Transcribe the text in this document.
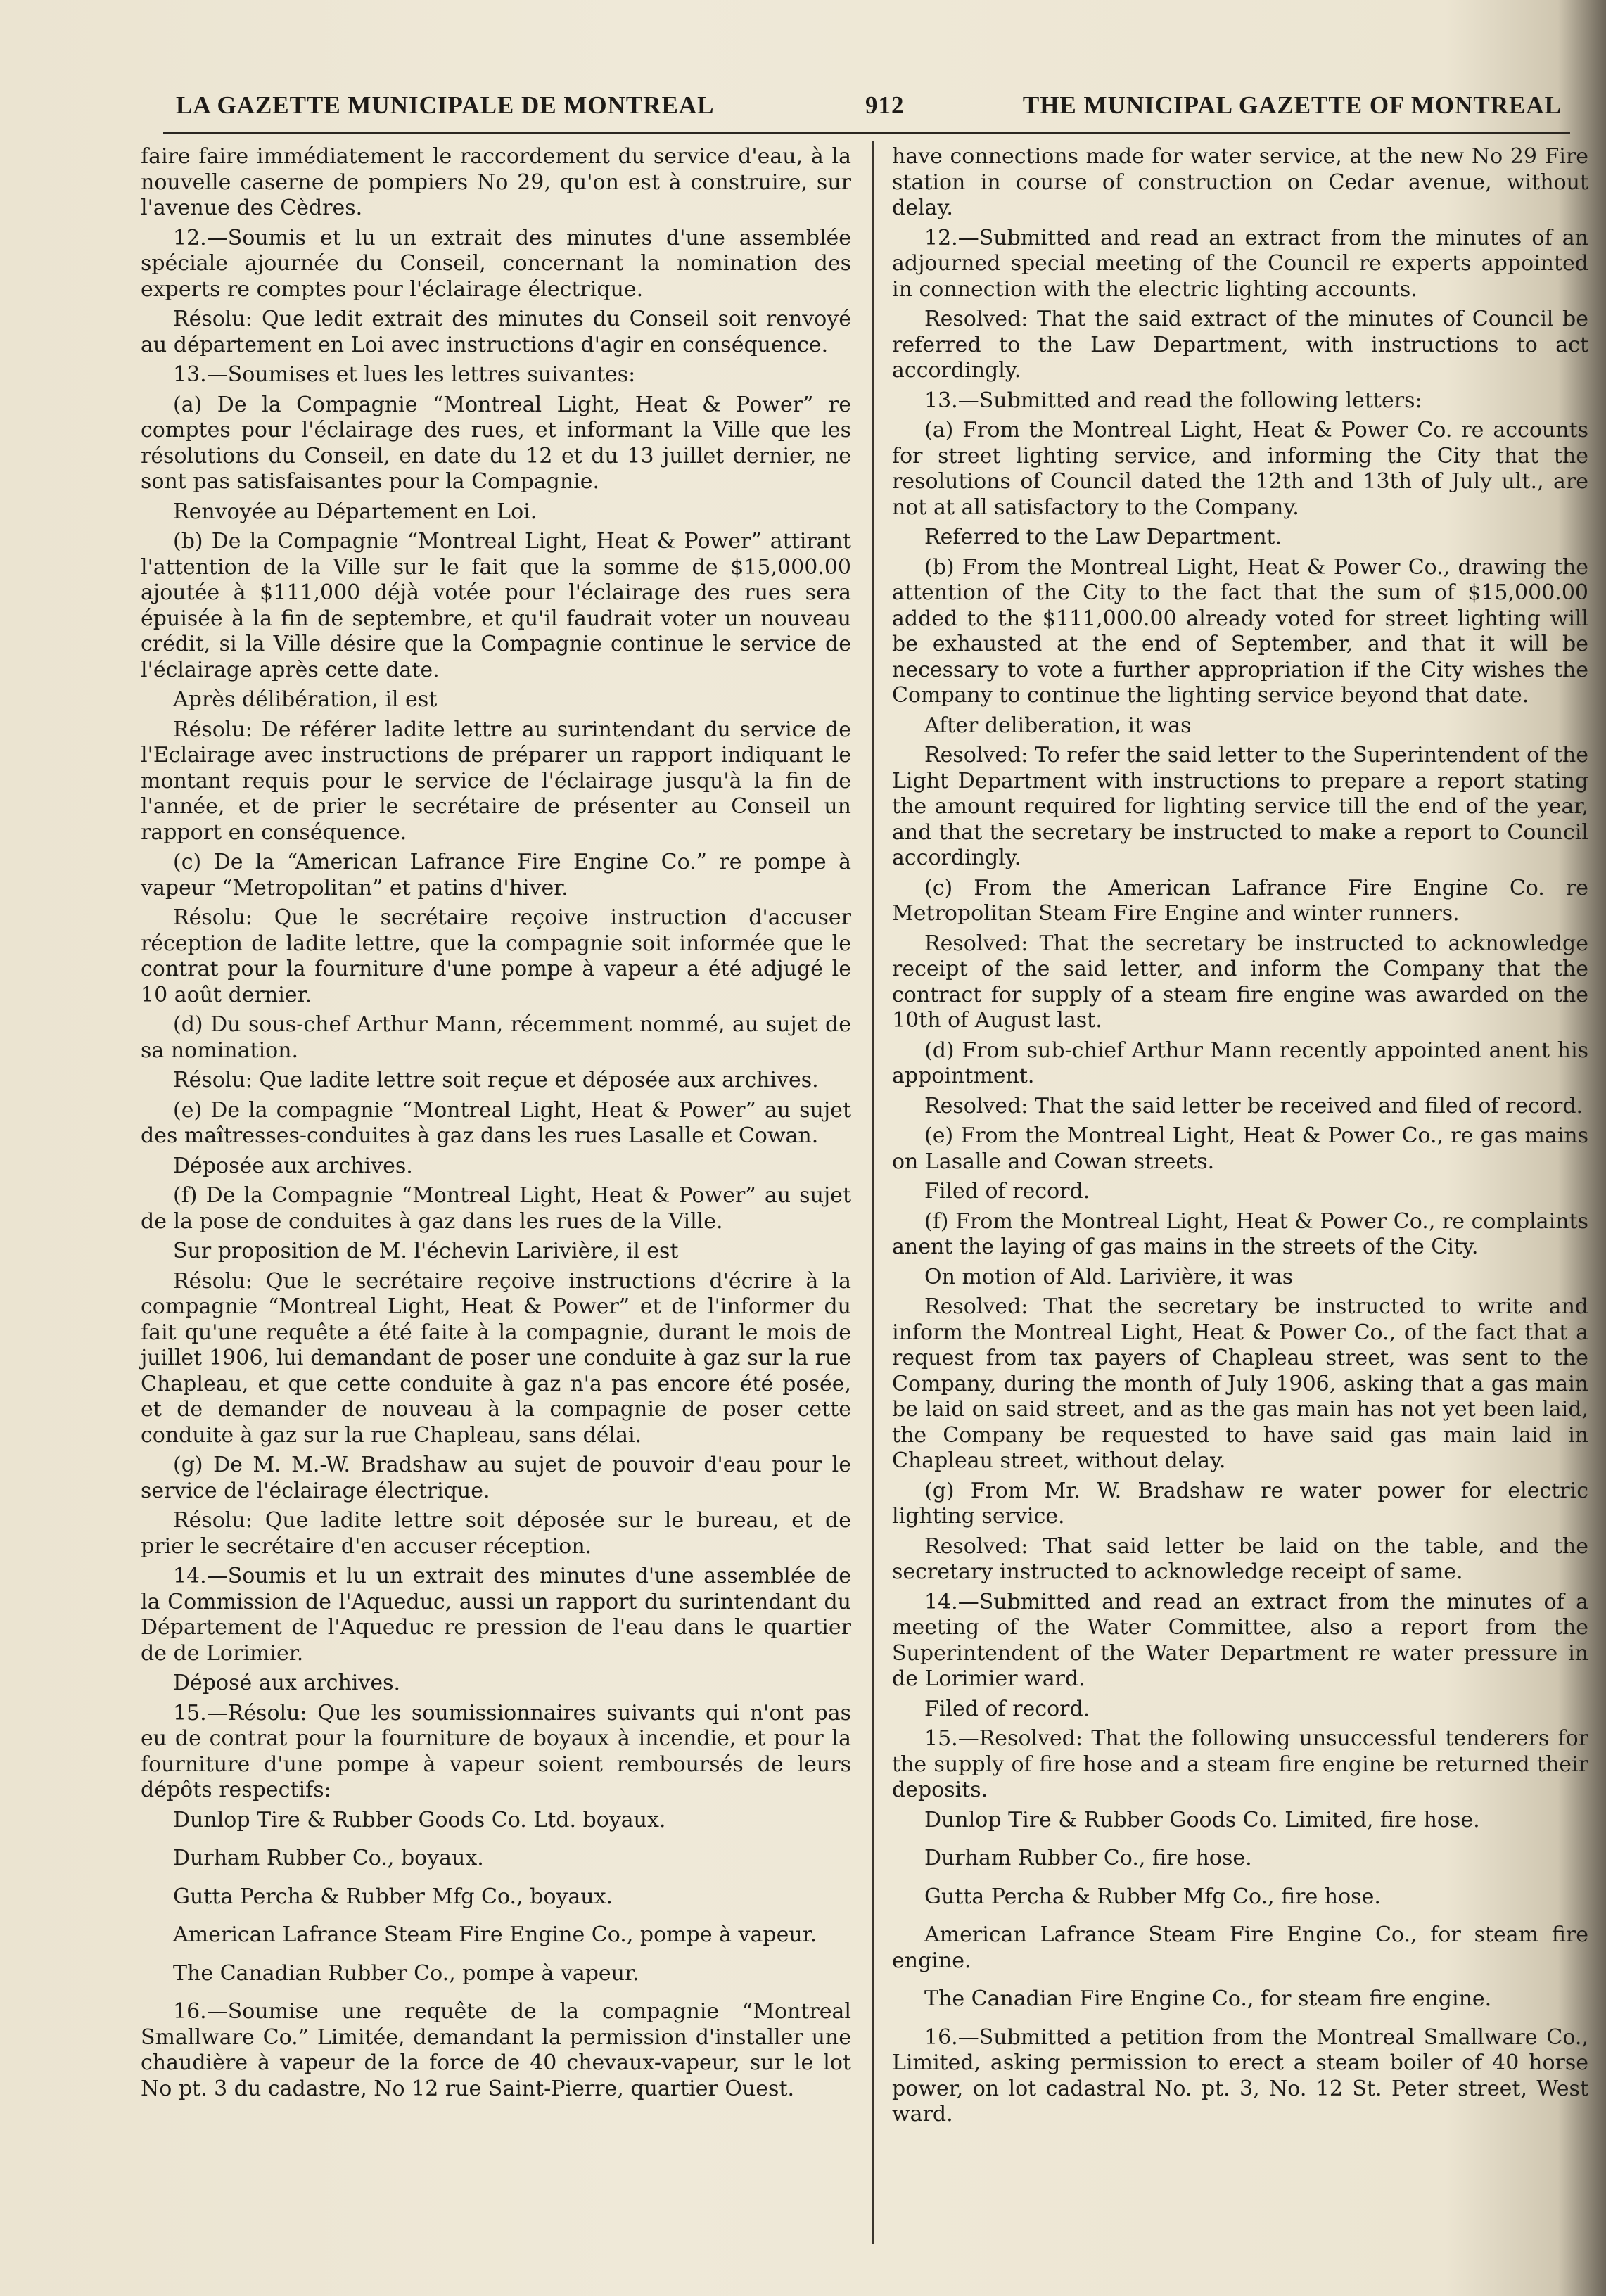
LA GAZETTE MUNICIPALE DE MONTREAL	912	THE MUNICIPAL GAZETTE OF MONTREAL

faire faire immédiatement le raccordement du service d'eau, à la nouvelle caserne de pompiers No 29, qu'on est à construire, sur l'avenue des Cèdres.

12.—Soumis et lu un extrait des minutes d'une assemblée spéciale ajournée du Conseil, concernant la nomination des experts re comptes pour l'éclairage électrique.

Résolu: Que ledit extrait des minutes du Conseil soit renvoyé au département en Loi avec instructions d'agir en conséquence.

13.—Soumises et lues les lettres suivantes:

(a) De la Compagnie “Montreal Light, Heat & Power” re comptes pour l'éclairage des rues, et informant la Ville que les résolutions du Conseil, en date du 12 et du 13 juillet dernier, ne sont pas satisfaisantes pour la Compagnie.

Renvoyée au Département en Loi.

(b) De la Compagnie “Montreal Light, Heat & Power” attirant l'attention de la Ville sur le fait que la somme de $15,000.00 ajoutée à $111,000 déjà votée pour l'éclairage des rues sera épuisée à la fin de septembre, et qu'il faudrait voter un nouveau crédit, si la Ville désire que la Compagnie continue le service de l'éclairage après cette date.

Après délibération, il est

Résolu: De référer ladite lettre au surintendant du service de l'Eclairage avec instructions de préparer un rapport indiquant le montant requis pour le service de l'éclairage jusqu'à la fin de l'année, et de prier le secrétaire de présenter au Conseil un rapport en conséquence.

(c) De la “American Lafrance Fire Engine Co.” re pompe à vapeur “Metropolitan” et patins d'hiver.

Résolu: Que le secrétaire reçoive instruction d'accuser réception de ladite lettre, que la compagnie soit informée que le contrat pour la fourniture d'une pompe à vapeur a été adjugé le 10 août dernier.

(d) Du sous-chef Arthur Mann, récemment nommé, au sujet de sa nomination.

Résolu: Que ladite lettre soit reçue et déposée aux archives.

(e) De la compagnie “Montreal Light, Heat & Power” au sujet des maîtresses-conduites à gaz dans les rues Lasalle et Cowan.

Déposée aux archives.

(f) De la Compagnie “Montreal Light, Heat & Power” au sujet de la pose de conduites à gaz dans les rues de la Ville.

Sur proposition de M. l'échevin Larivière, il est

Résolu: Que le secrétaire reçoive instructions d'écrire à la compagnie “Montreal Light, Heat & Power” et de l'informer du fait qu'une requête a été faite à la compagnie, durant le mois de juillet 1906, lui demandant de poser une conduite à gaz sur la rue Chapleau, et que cette conduite à gaz n'a pas encore été posée, et de demander de nouveau à la compagnie de poser cette conduite à gaz sur la rue Chapleau, sans délai.

(g) De M. M.-W. Bradshaw au sujet de pouvoir d'eau pour le service de l'éclairage électrique.

Résolu: Que ladite lettre soit déposée sur le bureau, et de prier le secrétaire d'en accuser réception.

14.—Soumis et lu un extrait des minutes d'une assemblée de la Commission de l'Aqueduc, aussi un rapport du surintendant du Département de l'Aqueduc re pression de l'eau dans le quartier de de Lorimier.

Déposé aux archives.

15.—Résolu: Que les soumissionnaires suivants qui n'ont pas eu de contrat pour la fourniture de boyaux à incendie, et pour la fourniture d'une pompe à vapeur soient remboursés de leurs dépôts respectifs:

Dunlop Tire & Rubber Goods Co. Ltd. boyaux.

Durham Rubber Co., boyaux.

Gutta Percha & Rubber Mfg Co., boyaux.

American Lafrance Steam Fire Engine Co., pompe à vapeur.

The Canadian Rubber Co., pompe à vapeur.

16.—Soumise une requête de la compagnie “Montreal Smallware Co.” Limitée, demandant la permission d'installer une chaudière à vapeur de la force de 40 chevaux-vapeur, sur le lot No pt. 3 du cadastre, No 12 rue Saint-Pierre, quartier Ouest.

have connections made for water service, at the new No 29 Fire station in course of construction on Cedar avenue, without delay.

12.—Submitted and read an extract from the minutes of an adjourned special meeting of the Council re experts appointed in connection with the electric lighting accounts.

Resolved: That the said extract of the minutes of Council be referred to the Law Department, with instructions to act accordingly.

13.—Submitted and read the following letters:

(a) From the Montreal Light, Heat & Power Co. re accounts for street lighting service, and informing the City that the resolutions of Council dated the 12th and 13th of July ult., are not at all satisfactory to the Company.

Referred to the Law Department.

(b) From the Montreal Light, Heat & Power Co., drawing the attention of the City to the fact that the sum of $15,000.00 added to the $111,000.00 already voted for street lighting will be exhausted at the end of September, and that it will be necessary to vote a further appropriation if the City wishes the Company to continue the lighting service beyond that date.

After deliberation, it was

Resolved: To refer the said letter to the Superintendent of the Light Department with instructions to prepare a report stating the amount required for lighting service till the end of the year, and that the secretary be instructed to make a report to Council accordingly.

(c) From the American Lafrance Fire Engine Co. re Metropolitan Steam Fire Engine and winter runners.

Resolved: That the secretary be instructed to acknowledge receipt of the said letter, and inform the Company that the contract for supply of a steam fire engine was awarded on the 10th of August last.

(d) From sub-chief Arthur Mann recently appointed anent his appointment.

Resolved: That the said letter be received and filed of record.

(e) From the Montreal Light, Heat & Power Co., re gas mains on Lasalle and Cowan streets.

Filed of record.

(f) From the Montreal Light, Heat & Power Co., re complaints anent the laying of gas mains in the streets of the City.

On motion of Ald. Larivière, it was

Resolved: That the secretary be instructed to write and inform the Montreal Light, Heat & Power Co., of the fact that a request from tax payers of Chapleau street, was sent to the Company, during the month of July 1906, asking that a gas main be laid on said street, and as the gas main has not yet been laid, the Company be requested to have said gas main laid in Chapleau street, without delay.

(g) From Mr. W. Bradshaw re water power for electric lighting service.

Resolved: That said letter be laid on the table, and the secretary instructed to acknowledge receipt of same.

14.—Submitted and read an extract from the minutes of a meeting of the Water Committee, also a report from the Superintendent of the Water Department re water pressure in de Lorimier ward.

Filed of record.

15.—Resolved: That the following unsuccessful tenderers for the supply of fire hose and a steam fire engine be returned their deposits.

Dunlop Tire & Rubber Goods Co. Limited, fire hose.

Durham Rubber Co., fire hose.

Gutta Percha & Rubber Mfg Co., fire hose.

American Lafrance Steam Fire Engine Co., for steam fire engine.

The Canadian Fire Engine Co., for steam fire engine.

16.—Submitted a petition from the Montreal Smallware Co., Limited, asking permission to erect a steam boiler of 40 horse power, on lot cadastral No. pt. 3, No. 12 St. Peter street, West ward.
